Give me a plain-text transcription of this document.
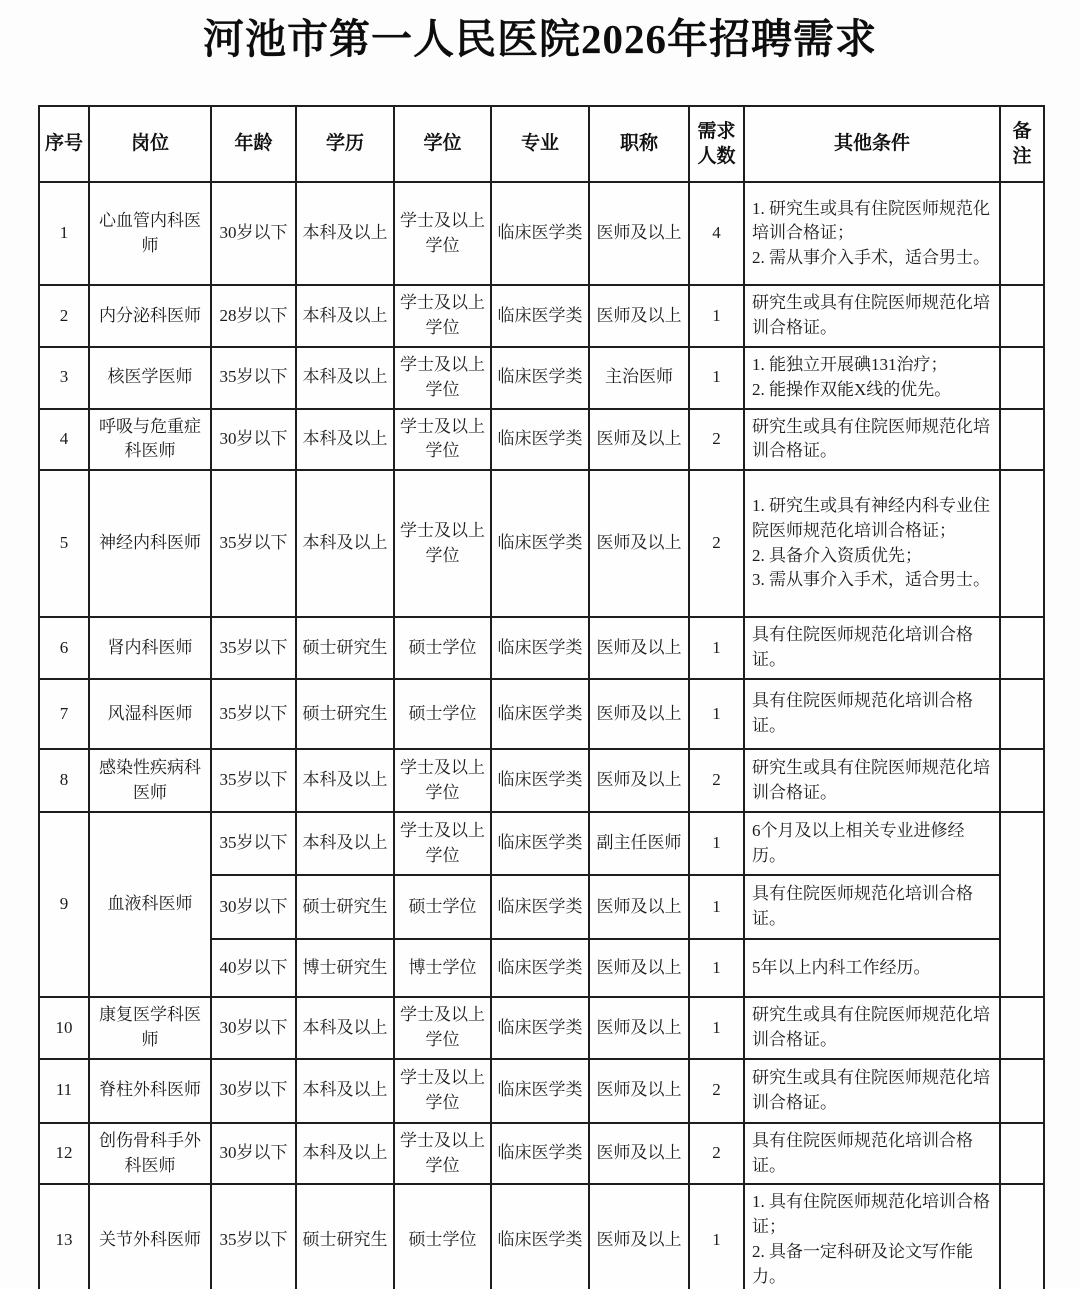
河池市第一人民医院2026年招聘需求
序号	岗位	年龄	学历	学位	专业	职称	需求人数	其他条件	备注
1	心血管内科医师	30岁以下	本科及以上	学士及以上学位	临床医学类	医师及以上	4	1. 研究生或具有住院医师规范化培训合格证；
2. 需从事介入手术，适合男士。	

2	内分泌科医师	28岁以下	本科及以上	学士及以上学位	临床医学类	医师及以上	1	研究生或具有住院医师规范化培训合格证。	

3	核医学医师	35岁以下	本科及以上	学士及以上学位	临床医学类	主治医师	1	1. 能独立开展碘131治疗；
2. 能操作双能X线的优先。	

4	呼吸与危重症科医师	30岁以下	本科及以上	学士及以上学位	临床医学类	医师及以上	2	研究生或具有住院医师规范化培训合格证。	

5	神经内科医师	35岁以下	本科及以上	学士及以上学位	临床医学类	医师及以上	2	1. 研究生或具有神经内科专业住院医师规范化培训合格证；
2. 具备介入资质优先；
3. 需从事介入手术，适合男士。	

6	肾内科医师	35岁以下	硕士研究生	硕士学位	临床医学类	医师及以上	1	具有住院医师规范化培训合格证。	

7	风湿科医师	35岁以下	硕士研究生	硕士学位	临床医学类	医师及以上	1	具有住院医师规范化培训合格证。	

8	感染性疾病科医师	35岁以下	本科及以上	学士及以上学位	临床医学类	医师及以上	2	研究生或具有住院医师规范化培训合格证。	

9	血液科医师	35岁以下	本科及以上	学士及以上学位	临床医学类	副主任医师	1	6个月及以上相关专业进修经历。	

		30岁以下	硕士研究生	硕士学位	临床医学类	医师及以上	1	具有住院医师规范化培训合格证。	

		40岁以下	博士研究生	博士学位	临床医学类	医师及以上	1	5年以上内科工作经历。	

10	康复医学科医师	30岁以下	本科及以上	学士及以上学位	临床医学类	医师及以上	1	研究生或具有住院医师规范化培训合格证。	

11	脊柱外科医师	30岁以下	本科及以上	学士及以上学位	临床医学类	医师及以上	2	研究生或具有住院医师规范化培训合格证。	

12	创伤骨科手外科医师	30岁以下	本科及以上	学士及以上学位	临床医学类	医师及以上	2	具有住院医师规范化培训合格证。	

13	关节外科医师	35岁以下	硕士研究生	硕士学位	临床医学类	医师及以上	1	1. 具有住院医师规范化培训合格证；
2. 具备一定科研及论文写作能力。	
